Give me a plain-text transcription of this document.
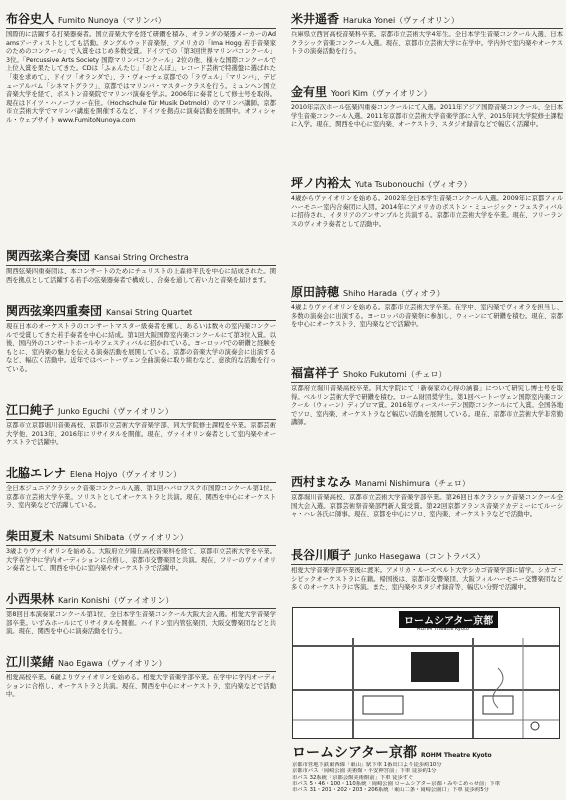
布谷史人 Fumito Nunoya（マリンバ）
国際的に活躍する打楽器奏者。国立音楽大学を経て研鑽を積み、オランダの楽器メーカーのAdamsアーティストとしても活動。タングルウッド音楽祭、アメリカの「Ima Hogg 若手音楽家のためのコンクール」で入賞をはじめ多数受賞。ドイツでの「第3回世界マリンバコンクール」3位。「Percussive Arts Society 国際マリンバコンクール」2位の他、様々な国際コンクールで上位入賞を果たしてきた。CDは「ふぁんたじ」「おとんぼ」、レコード芸術で特選盤に選ばれた「東を求めて」、ドイツ「オランダで」、ラ・ヴォーチェ京都での「ラヴェル」「マリンバ」、デビューアルバム「シネマトグラフ」、京都ではマリンバ・マスタークラスを行う。ミュンヘン国立音楽大学を経て、ボストン音楽院でマリンバ演奏を学ぶ。2006年に奏者として修士号を取得。現在はドイツ・ハノーファー在住。（Hochschule für Musik Detmold）のマリンバ講師。京都市立芸術大学でマリンバ講座を開催するなど、ドイツを拠点に演奏活動を展開中。オフィシャル・ウェブサイト www.FumitoNunoya.com
関西弦楽合奏団 Kansai String Orchestra
関西弦楽四重奏団は、本コンサートのためにチェリストの上森祥平氏を中心に結成された。関西を拠点として活躍する若手の弦楽器奏者で構成し、合奏を通して若い力と音楽を届けます。
関西弦楽四重奏団 Kansai String Quartet
現在日本のオーケストラのコンサートマスター級奏者を擁し、あるいは数々の室内楽コンクールで受賞してきた若手奏者を中心に結成。第1回大阪国際室内楽コンクールにて第3位入賞。以後、国内外のコンサートホールやフェスティバルに招かれている。ヨーロッパでの研鑽と経験をもとに、室内楽の魅力を伝える演奏活動を展開している。京都の音楽大学の演奏会に出演するなど、幅広く活動中。近年ではベートーヴェン全曲演奏に取り組むなど、意欲的な活動を行っている。
江口純子 Junko Eguchi（ヴァイオリン）
京都市立京都堀川音楽高校、京都市立芸術大学音楽学部、同大学院修士課程を卒業。京都芸術大学他、2013年、2016年にリサイタルを開催。現在、ヴァイオリン奏者として室内楽やオーケストラで活躍中。
北脇エレナ Elena Hojyo（ヴァイオリン）
全日本ジュニアクラシック音楽コンクール入選、第1回ハバロフスク市国際コンクール第1位。京都市立芸術大学卒業。ソリストとしてオーケストラと共演。現在、関西を中心にオーケストラ、室内楽などで活躍している。
柴田夏未 Natsumi Shibata（ヴァイオリン）
3歳よりヴァイオリンを始める。大阪府立夕陽丘高校音楽科を経て、京都市立芸術大学を卒業。大学在学中に学内オーディションに合格し、京都市交響楽団と共演。現在、フリーのヴァイオリン奏者として、関西を中心に室内楽やオーケストラで活躍中。
小西果林 Karin Konishi（ヴァイオリン）
第8回日本演奏家コンクール第1位、全日本学生音楽コンクール大阪大会入選。相愛大学音楽学部卒業。いずみホールにてリサイタルを開催。ハイドン室内管弦楽団、大阪交響楽団などと共演。現在、関西を中心に演奏活動を行う。
江川菜緒 Nao Egawa（ヴァイオリン）
相愛高校卒業。6歳よりヴァイオリンを始める。相愛大学音楽学部卒業。在学中に学内オーディションに合格し、オーケストラと共演。現在、関西を中心にオーケストラ、室内楽などで活動中。
米井遥香 Haruka Yonei（ヴァイオリン）
兵庫県立西宮高校音楽科卒業。京都市立芸術大学4年生。全日本学生音楽コンクール入選、日本クラシック音楽コンクール入選。現在、京都市立芸術大学に在学中。学内外で室内楽やオーケストラの演奏活動を行う。
金有里 Yoori Kim（ヴァイオリン）
2010年宗次ホール弦楽四重奏コンクールにて入選。2011年アジア国際音楽コンクール、全日本学生音楽コンクール入選。2011年京都市立芸術大学音楽学部に入学、2015年同大学院修士課程に入学。現在、関西を中心に室内楽、オーケストラ、スタジオ録音などで幅広く活躍中。
坪ノ内裕太 Yuta Tsubonouchi（ヴィオラ）
4歳からヴァイオリンを始める。2002年全日本学生音楽コンクール入選。2009年に京都フィルハーモニー室内合奏団に入団。2014年にアメリカのボストン・ミュージック・フェスティバルに招待され、イタリアのアンサンブルと共演する。京都市立芸術大学を卒業。現在、フリーランスのヴィオラ奏者として活動中。
原田詩穂 Shiho Harada（ヴィオラ）
4歳よりヴァイオリンを始める。京都市立芸術大学卒業。在学中、室内楽でヴィオラを担当し、多数の演奏会に出演する。ヨーロッパの音楽祭に参加し、ウィーンにて研鑽を積む。現在、京都を中心にオーケストラ、室内楽などで活躍中。
福富祥子 Shoko Fukutomi（チェロ）
京都府立堀川音楽高校卒業。同大学院にて「新奏家の心得の涵養」について研究し博士号を取得。ベルリン芸術大学で研鑽を積む。ローム財団奨学生。第1回ベートーヴェン国際室内楽コンクール（ウィーン）ディプロマ賞。2016年ヴィースバーデン国際コンクールにて入賞。全国各地でソロ、室内楽、オーケストラなど幅広い活動を展開している。現在、京都市立芸術大学非常勤講師。
西村まなみ Manami Nishimura（チェロ）
京都堀川音楽高校、京都市立芸術大学音楽学部卒業。第26回日本クラシック音楽コンクール全国大会入選。京都芸術祭音楽部門新人賞受賞。第22回京都フランス音楽アカデミーにてルーシャ・ハレ各氏に師事。現在、京都を中心にソロ、室内楽、オーケストラなどで活動中。
長谷川順子 Junko Hasegawa（コントラバス）
相愛大学音楽学部卒業後に渡米。アメリカ・ルーズベルト大学シカゴ音楽学部に留学。シカゴ・シビックオーケストラに在籍。帰国後は、京都市交響楽団、大阪フィルハーモニー交響楽団など多くのオーケストラに客演。また、室内楽やスタジオ録音等、幅広い分野で活躍中。
ロームシアター京都
ROHM Theatre Kyoto
ロームシアター京都 ROHM Theatre Kyoto
京都市営地下鉄東西線「東山」駅下車 1番出口より徒歩約10分
京都市バス「岡崎公園 美術館・平安神宮前」下車 徒歩約1分
市バス 32系統「京都会館美術館前」下車 徒歩すぐ
市バス 5・46・100・110系統「岡崎公園 ロームシアター京都・みやこめっせ前」下車
市バス 31・201・202・203・206系統「東山二条・岡崎公園口」下車 徒歩約5分
